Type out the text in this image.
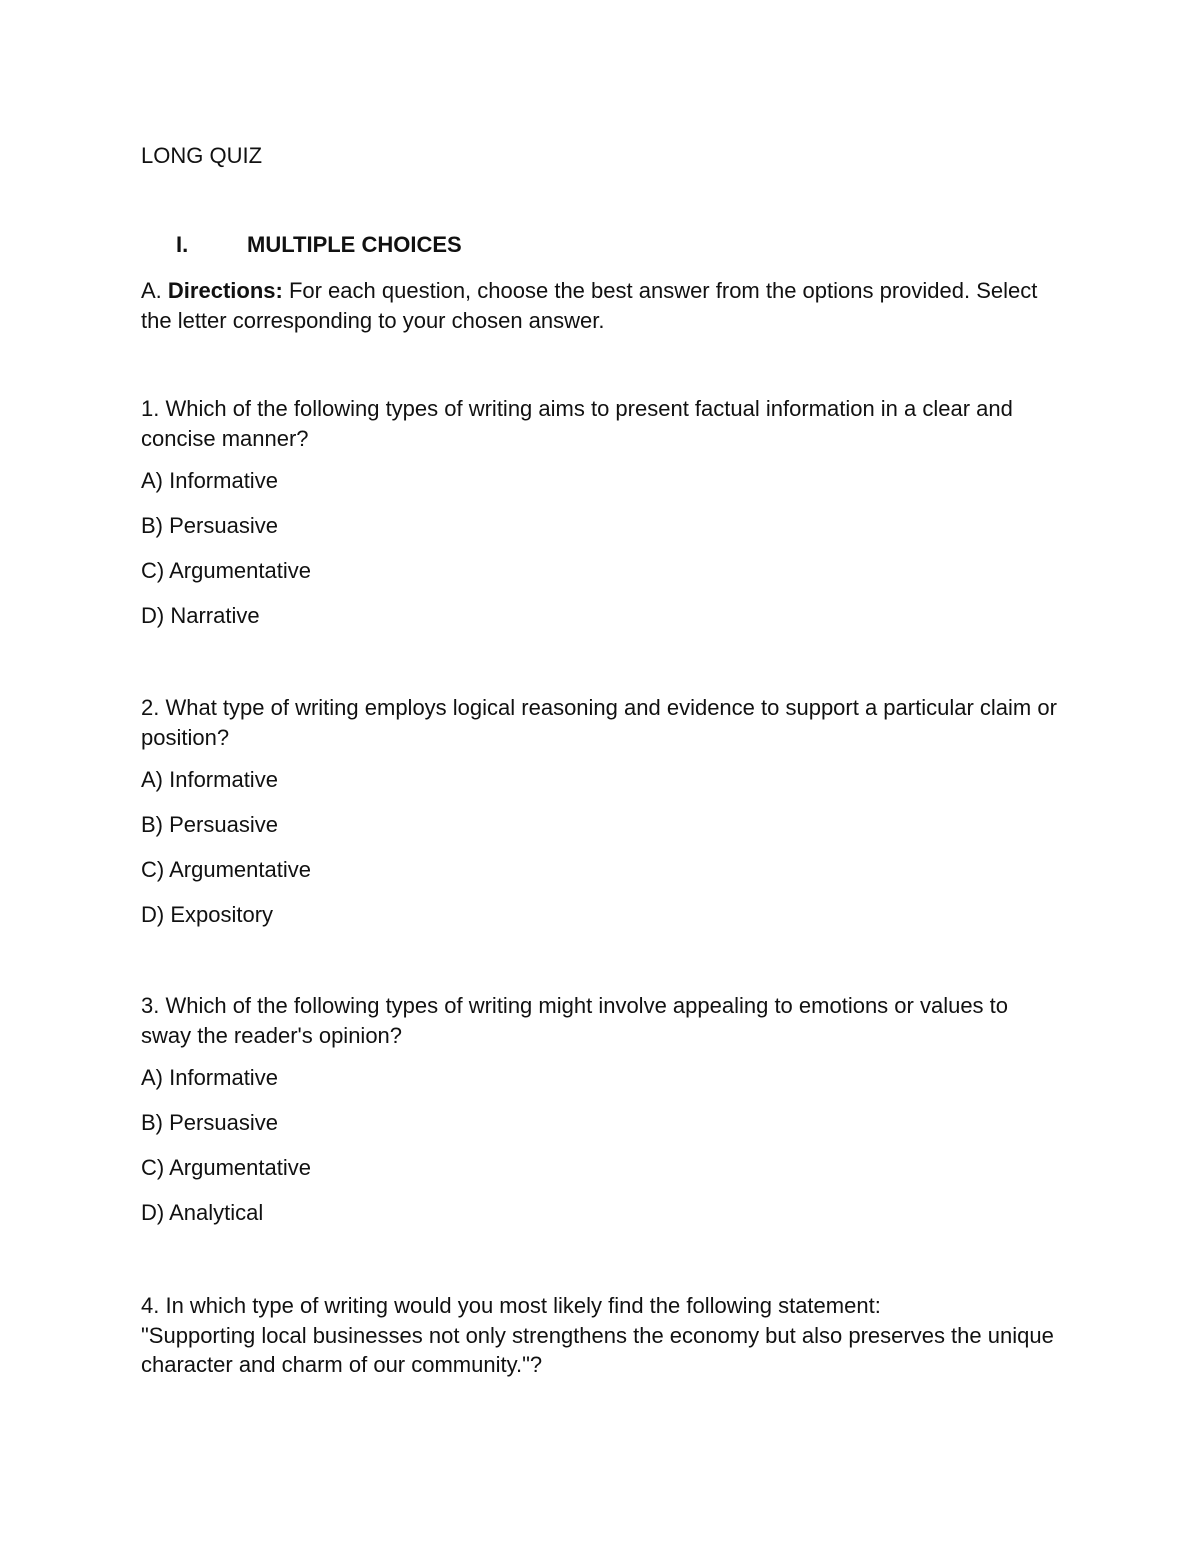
LONG QUIZ
I.	MULTIPLE CHOICES

A. Directions: For each question, choose the best answer from the options provided. Select the letter corresponding to your chosen answer.

1. Which of the following types of writing aims to present factual information in a clear and concise manner?

A) Informative
B) Persuasive
C) Argumentative
D) Narrative

2. What type of writing employs logical reasoning and evidence to support a particular claim or position?

A) Informative
B) Persuasive
C) Argumentative
D) Expository

3. Which of the following types of writing might involve appealing to emotions or values to sway the reader's opinion?

A) Informative
B) Persuasive
C) Argumentative
D) Analytical

4. In which type of writing would you most likely find the following statement:

"Supporting local businesses not only strengthens the economy but also preserves the unique character and charm of our community."?
